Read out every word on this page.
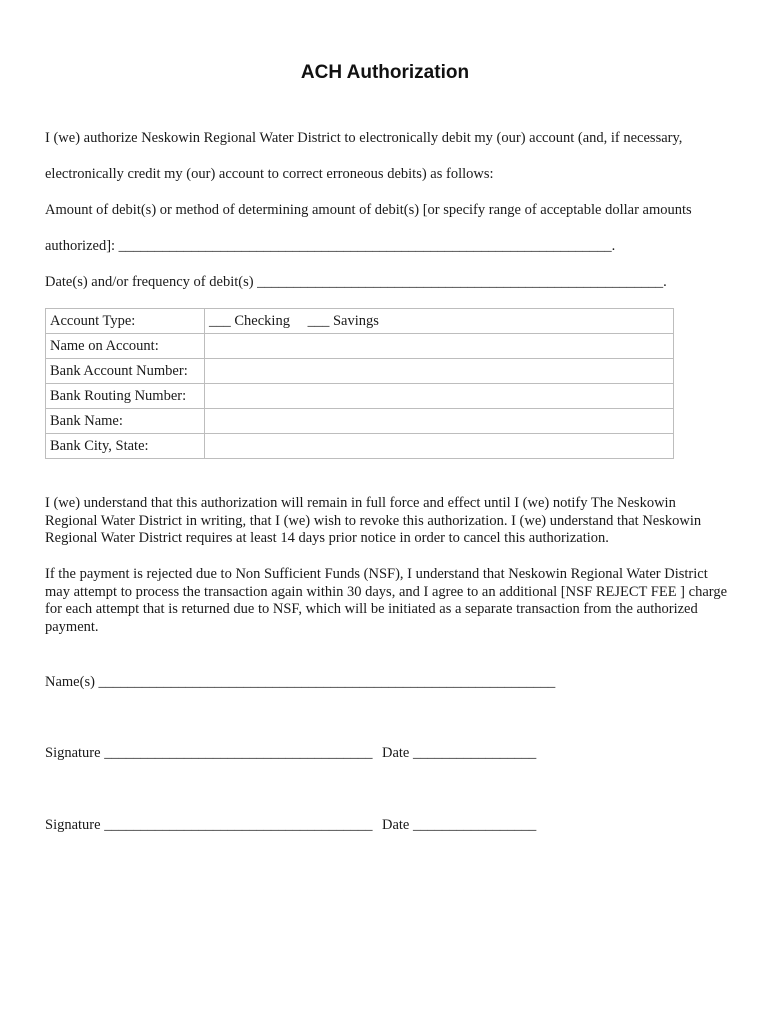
ACH Authorization
I (we) authorize Neskowin Regional Water District to electronically debit my (our) account (and, if necessary,
electronically credit my (our) account to correct erroneous debits) as follows:
Amount of debit(s) or method of determining amount of debit(s) [or specify range of acceptable dollar amounts
authorized]: ____________________________________________________________________.
Date(s) and/or frequency of debit(s) ________________________________________________________.
Account Type:	___ Checking ___ Savings
Name on Account:	
Bank Account Number:	
Bank Routing Number:	
Bank Name:	
Bank City, State:	
I (we) understand that this authorization will remain in full force and effect until I (we) notify The Neskowin Regional Water District in writing, that I (we) wish to revoke this authorization. I (we) understand that Neskowin Regional Water District requires at least 14 days prior notice in order to cancel this authorization.
If the payment is rejected due to Non Sufficient Funds (NSF), I understand that Neskowin Regional Water District may attempt to process the transaction again within 30 days, and I agree to an additional [NSF REJECT FEE ] charge for each attempt that is returned due to NSF, which will be initiated as a separate transaction from the authorized payment.
Name(s) _______________________________________________________________
Signature _____________________________________ Date _________________
Signature _____________________________________ Date _________________
